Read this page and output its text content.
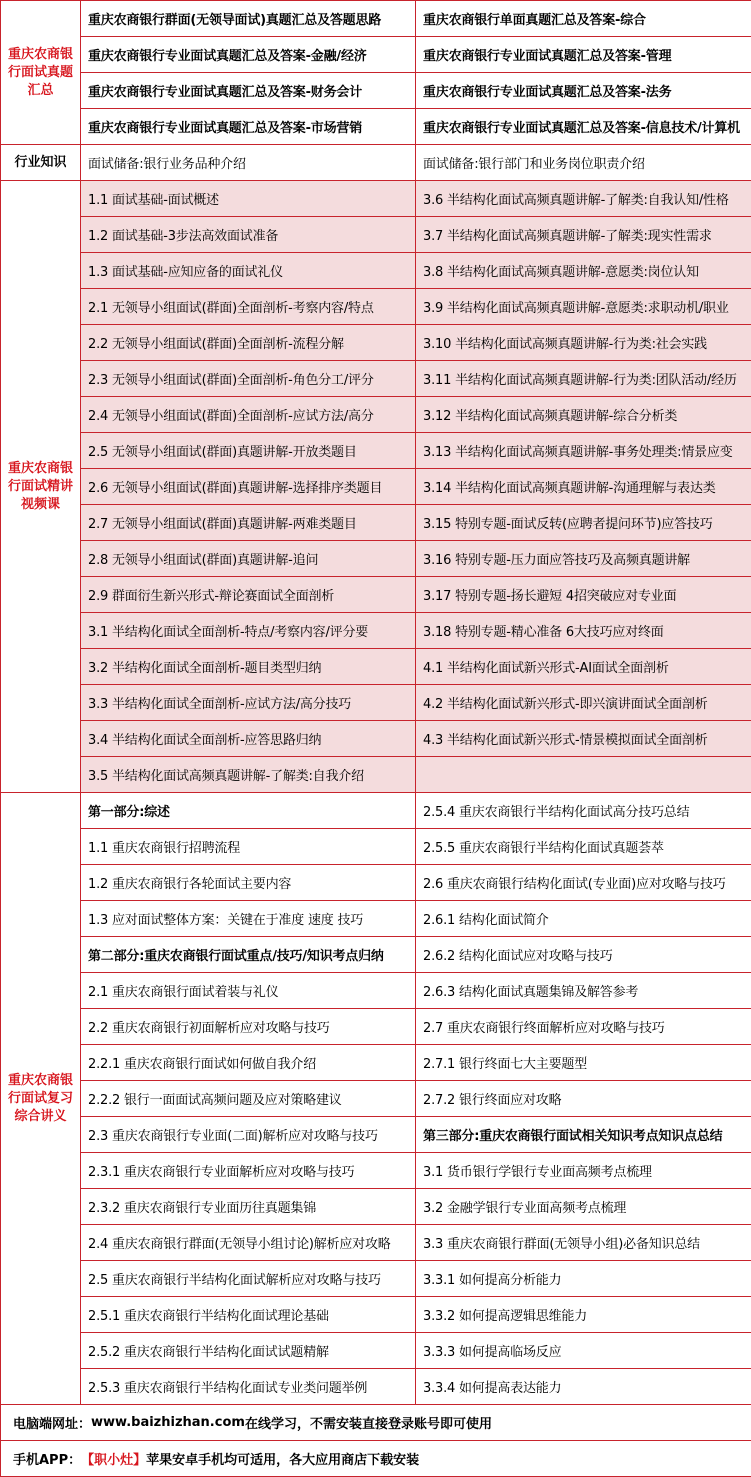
重庆农商银行面试真题汇总
重庆农商银行群面(无领导面试)真题汇总及答题思路	重庆农商银行单面真题汇总及答案-综合
重庆农商银行专业面试真题汇总及答案-金融/经济	重庆农商银行专业面试真题汇总及答案-管理
重庆农商银行专业面试真题汇总及答案-财务会计	重庆农商银行专业面试真题汇总及答案-法务
重庆农商银行专业面试真题汇总及答案-市场营销	重庆农商银行专业面试真题汇总及答案-信息技术/计算机
行业知识	面试储备:银行业务品种介绍	面试储备:银行部门和业务岗位职责介绍
重庆农商银行面试精讲视频课
1.1 面试基础-面试概述	3.6 半结构化面试高频真题讲解-了解类:自我认知/性格
1.2 面试基础-3步法高效面试准备	3.7 半结构化面试高频真题讲解-了解类:现实性需求
1.3 面试基础-应知应备的面试礼仪	3.8 半结构化面试高频真题讲解-意愿类:岗位认知
2.1 无领导小组面试(群面)全面剖析-考察内容/特点	3.9 半结构化面试高频真题讲解-意愿类:求职动机/职业
2.2 无领导小组面试(群面)全面剖析-流程分解	3.10 半结构化面试高频真题讲解-行为类:社会实践
2.3 无领导小组面试(群面)全面剖析-角色分工/评分	3.11 半结构化面试高频真题讲解-行为类:团队活动/经历
2.4 无领导小组面试(群面)全面剖析-应试方法/高分	3.12 半结构化面试高频真题讲解-综合分析类
2.5 无领导小组面试(群面)真题讲解-开放类题目	3.13 半结构化面试高频真题讲解-事务处理类:情景应变
2.6 无领导小组面试(群面)真题讲解-选择排序类题目	3.14 半结构化面试高频真题讲解-沟通理解与表达类
2.7 无领导小组面试(群面)真题讲解-两难类题目	3.15 特别专题-面试反转(应聘者提问环节)应答技巧
2.8 无领导小组面试(群面)真题讲解-追问	3.16 特别专题-压力面应答技巧及高频真题讲解
2.9 群面衍生新兴形式-辩论赛面试全面剖析	3.17 特别专题-扬长避短 4招突破应对专业面
3.1 半结构化面试全面剖析-特点/考察内容/评分要	3.18 特别专题-精心准备 6大技巧应对终面
3.2 半结构化面试全面剖析-题目类型归纳	4.1 半结构化面试新兴形式-AI面试全面剖析
3.3 半结构化面试全面剖析-应试方法/高分技巧	4.2 半结构化面试新兴形式-即兴演讲面试全面剖析
3.4 半结构化面试全面剖析-应答思路归纳	4.3 半结构化面试新兴形式-情景模拟面试全面剖析
3.5 半结构化面试高频真题讲解-了解类:自我介绍
重庆农商银行面试复习综合讲义
第一部分:综述	2.5.4 重庆农商银行半结构化面试高分技巧总结
1.1 重庆农商银行招聘流程	2.5.5 重庆农商银行半结构化面试真题荟萃
1.2 重庆农商银行各轮面试主要内容	2.6 重庆农商银行结构化面试(专业面)应对攻略与技巧
1.3 应对面试整体方案：关键在于准度 速度 技巧	2.6.1 结构化面试简介
第二部分:重庆农商银行面试重点/技巧/知识考点归纳	2.6.2 结构化面试应对攻略与技巧
2.1 重庆农商银行面试着装与礼仪	2.6.3 结构化面试真题集锦及解答参考
2.2 重庆农商银行初面解析应对攻略与技巧	2.7 重庆农商银行终面解析应对攻略与技巧
2.2.1 重庆农商银行面试如何做自我介绍	2.7.1 银行终面七大主要题型
2.2.2 银行一面面试高频问题及应对策略建议	2.7.2 银行终面应对攻略
2.3 重庆农商银行专业面(二面)解析应对攻略与技巧	第三部分:重庆农商银行面试相关知识考点知识点总结
2.3.1 重庆农商银行专业面解析应对攻略与技巧	3.1 货币银行学银行专业面高频考点梳理
2.3.2 重庆农商银行专业面历往真题集锦	3.2 金融学银行专业面高频考点梳理
2.4 重庆农商银行群面(无领导小组讨论)解析应对攻略	3.3 重庆农商银行群面(无领导小组)必备知识总结
2.5 重庆农商银行半结构化面试解析应对攻略与技巧	3.3.1 如何提高分析能力
2.5.1 重庆农商银行半结构化面试理论基础	3.3.2 如何提高逻辑思维能力
2.5.2 重庆农商银行半结构化面试试题精解	3.3.3 如何提高临场反应
2.5.3 重庆农商银行半结构化面试专业类问题举例	3.3.4 如何提高表达能力
电脑端网址： www.baizhizhan.com 在线学习，不需安装直接登录账号即可使用
手机APP： 【职小灶】 苹果安卓手机均可适用，各大应用商店下载安装
